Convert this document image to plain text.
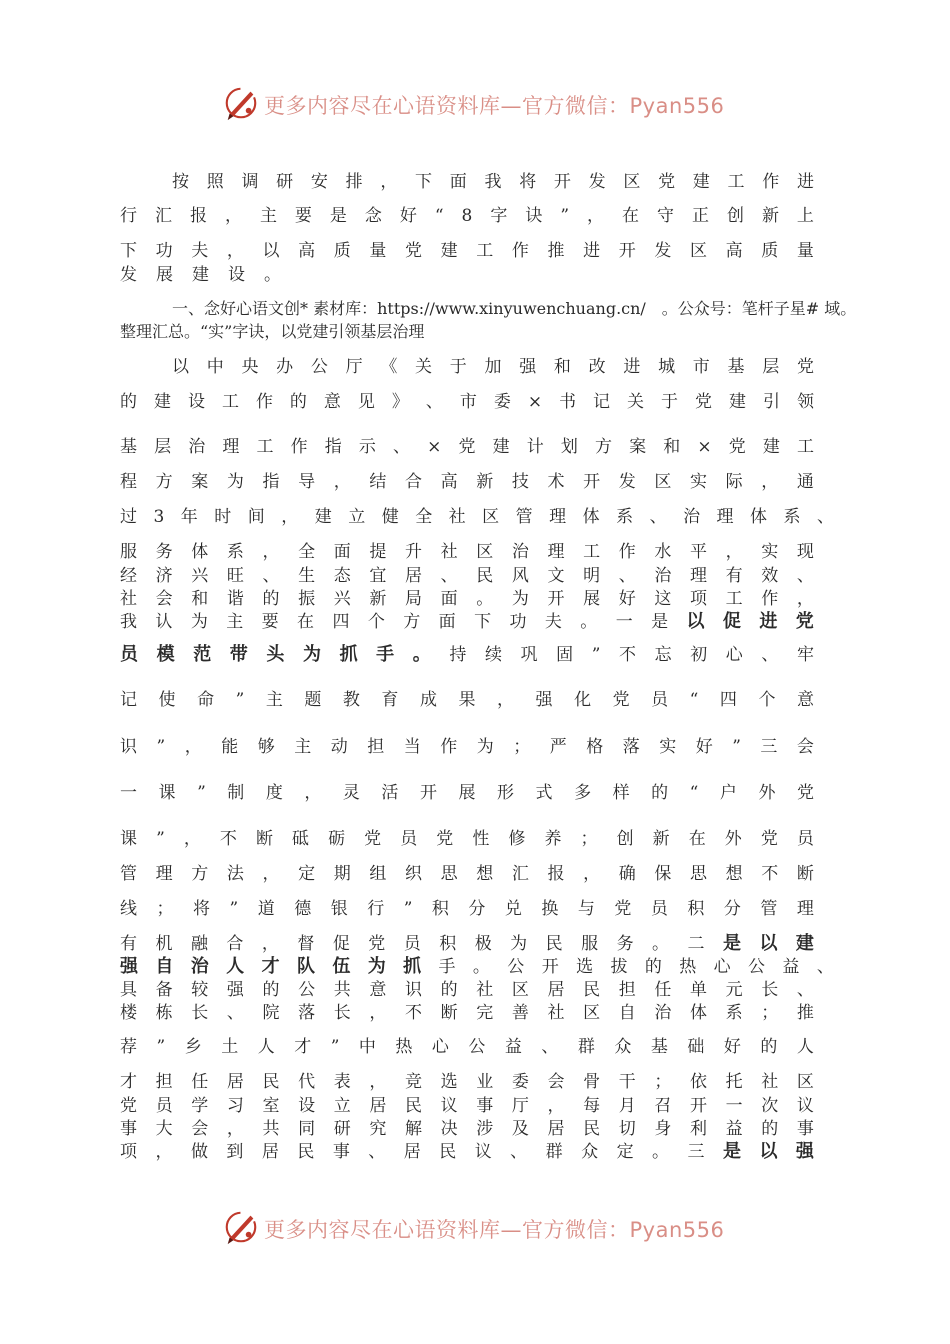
更多内容尽在心语资料库—官方微信：Pyan556
按 照 调 研 安 排 ， 下 面 我 将 开 发 区 党 建 工 作 进
行 汇 报 ， 主 要 是 念 好 “ 8 字 诀 ” ， 在 守 正 创 新 上
下 功 夫 ， 以 高 质 量 党 建 工 作 推 进 开 发 区 高 质 量
发 展 建 设 。
一、念好心语文创* 素材库：https://www.xinyuwenchuang.cn/　。公众号：笔杆子星# 域。
整理汇总。“实”字诀，以党建引领基层治理
以 中 央 办 公 厅 《 关 于 加 强 和 改 进 城 市 基 层 党
的 建 设 工 作 的 意 见 》 、 市 委 × 书 记 关 于 党 建 引 领
基 层 治 理 工 作 指 示 、 × 党 建 计 划 方 案 和 × 党 建 工
程 方 案 为 指 导 ， 结 合 高 新 技 术 开 发 区 实 际 ， 通
过 3 年 时 间 ， 建 立 健 全 社 区 管 理 体 系 、 治 理 体 系 、
服 务 体 系 ， 全 面 提 升 社 区 治 理 工 作 水 平 ， 实 现
经 济 兴 旺 、 生 态 宜 居 、 民 风 文 明 、 治 理 有 效 、
社 会 和 谐 的 振 兴 新 局 面 。 为 开 展 好 这 项 工 作 ，
我 认 为 主 要 在 四 个 方 面 下 功 夫 。 一 是 以 促 进 党
员 模 范 带 头 为 抓 手 。 持 续 巩 固 ” 不 忘 初 心 、 牢
记 使 命 ” 主 题 教 育 成 果 ， 强 化 党 员 “ 四 个 意
识 ” ， 能 够 主 动 担 当 作 为 ； 严 格 落 实 好 ” 三 会
一 课 ” 制 度 ， 灵 活 开 展 形 式 多 样 的 “ 户 外 党
课 ” ， 不 断 砥 砺 党 员 党 性 修 养 ； 创 新 在 外 党 员
管 理 方 法 ， 定 期 组 织 思 想 汇 报 ， 确 保 思 想 不 断
线 ； 将 ” 道 德 银 行 ” 积 分 兑 换 与 党 员 积 分 管 理
有 机 融 合 ， 督 促 党 员 积 极 为 民 服 务 。 二 是 以 建
强 自 治 人 才 队 伍 为 抓 手 。 公 开 选 拔 的 热 心 公 益 、
具 备 较 强 的 公 共 意 识 的 社 区 居 民 担 任 单 元 长 、
楼 栋 长 、 院 落 长 ， 不 断 完 善 社 区 自 治 体 系 ； 推
荐 ” 乡 土 人 才 ” 中 热 心 公 益 、 群 众 基 础 好 的 人
才 担 任 居 民 代 表 ， 竞 选 业 委 会 骨 干 ； 依 托 社 区
党 员 学 习 室 设 立 居 民 议 事 厅 ， 每 月 召 开 一 次 议
事 大 会 ， 共 同 研 究 解 决 涉 及 居 民 切 身 利 益 的 事
项 ， 做 到 居 民 事 、 居 民 议 、 群 众 定 。 三 是 以 强
更多内容尽在心语资料库—官方微信：Pyan556
